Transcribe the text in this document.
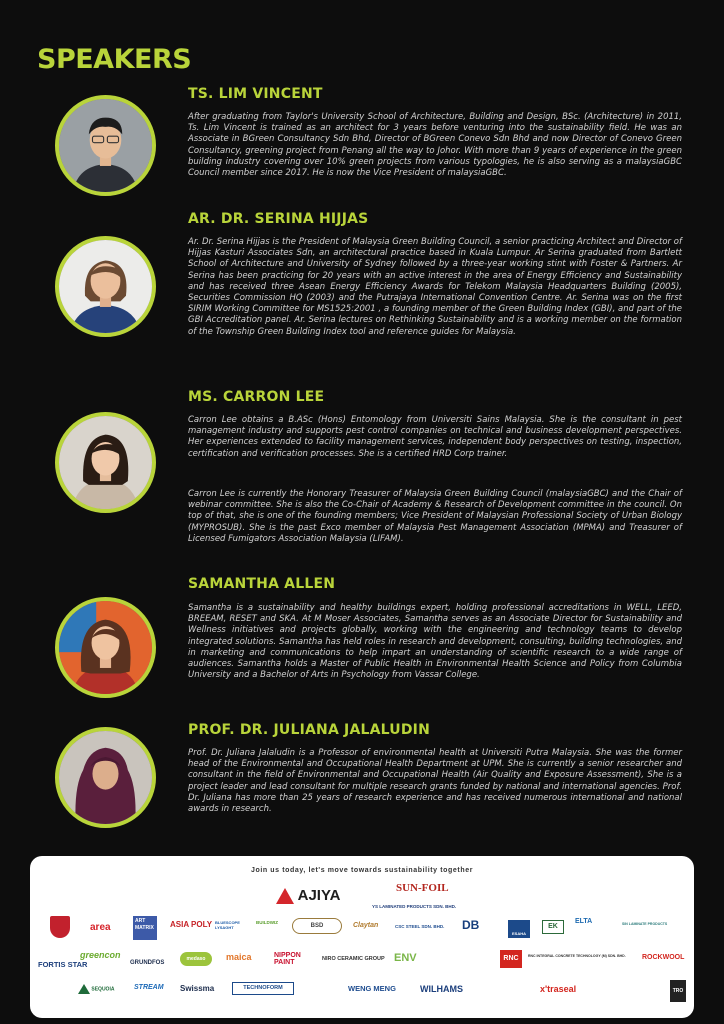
SPEAKERS
TS. LIM VINCENT
After graduating from Taylor's University School of Architecture, Building and Design, BSc. (Architecture) in 2011, Ts. Lim Vincent is trained as an architect for 3 years before venturing into the sustainability field. He was an Associate in BGreen Consultancy Sdn Bhd, Director of BGreen Conevo Sdn Bhd and now Director of Conevo Green Consultancy, greening project from Penang all the way to Johor. With more than 9 years of experience in the green building industry covering over 10% green projects from various typologies, he is also serving as a malaysiaGBC Council member since 2017. He is now the Vice President of malaysiaGBC.
AR. DR. SERINA HIJJAS
Ar. Dr. Serina Hijjas is the President of Malaysia Green Building Council, a senior practicing Architect and Director of Hijjas Kasturi Associates Sdn, an architectural practice based in Kuala Lumpur. Ar Serina graduated from Bartlett School of Architecture and University of Sydney followed by a three-year working stint with Foster & Partners. Ar Serina has been practicing for 20 years with an active interest in the area of Energy Efficiency and Sustainability and has received three Asean Energy Efficiency Awards for Telekom Malaysia Headquarters Building (2005), Securities Commission HQ (2003) and the Putrajaya International Convention Centre. Ar. Serina was on the first SIRIM Working Committee for MS1525:2001 , a founding member of the Green Building Index (GBI), and part of the GBI Accreditation panel. Ar. Serina lectures on Rethinking Sustainability and is a working member on the formation of the Township Green Building Index tool and reference guides for Malaysia.
MS. CARRON LEE
Carron Lee obtains a B.ASc (Hons) Entomology from Universiti Sains Malaysia. She is the consultant in pest management industry and supports pest control companies on technical and business development perspectives. Her experiences extended to facility management services, independent body perspectives on testing, inspection, certification and verification processes. She is a certified HRD Corp trainer.
Carron Lee is currently the Honorary Treasurer of Malaysia Green Building Council (malaysiaGBC) and the Chair of webinar committee. She is also the Co-Chair of Academy & Research of Development committee in the council. On top of that, she is one of the founding members; Vice President of Malaysian Professional Society of Urban Biology (MYPROSUB). She is the past Exco member of Malaysia Pest Management Association (MPMA) and Treasurer of Licensed Fumigators Association Malaysia (LIFAM).
SAMANTHA ALLEN
Samantha is a sustainability and healthy buildings expert, holding professional accreditations in WELL, LEED, BREEAM, RESET and SKA. At M Moser Associates, Samantha serves as an Associate Director for Sustainability and Wellness initiatives and projects globally, working with the engineering and technology teams to develop integrated solutions. Samantha has held roles in research and development, consulting, building technologies, and in marketing and communications to help impart an understanding of scientific research to a wide range of audiences. Samantha holds a Master of Public Health in Environmental Health Science and Policy from Columbia University and a Bachelor of Arts in Psychology from Vassar College.
PROF. DR. JULIANA JALALUDIN
Prof. Dr. Juliana Jalaludin is a Professor of environmental health at Universiti Putra Malaysia. She was the former head of the Environmental and Occupational Health Department at UPM. She is currently a senior researcher and consultant in the field of Environmental and Occupational Health (Air Quality and Exposure Assessment), She is a project leader and lead consultant for multiple research grants funded by national and international agencies. Prof. Dr. Juliana has more than 25 years of research experience and has received numerous international and national awards in research.
Join us today, let's move towards sustainability together
AJIYA	SUN-FOIL
YS LAMINATED PRODUCTS SDN. BHD.
area
ART MATRIX	ASIA POLY BLUESCOPE LYSAGHT
BUILDWIZ
BSD	Claytan	CSC STEEL SDN. BHD. DB
ESAHA
EK
ELTA	SIN LAMINATE PRODUCTS
FORTIS STAR
greencon
GRUNDFOS
medaso	maica	NIPPON PAINT	NIRO CERAMIC GROUP ENV	RNC	RNC INTEGRAL CONCRETE TECHNOLOGY (M) SDN. BHD.	ROCKWOOL
SEQUOIA	STREAM Swissma	TECHNOFORM	WENG MENG	WILHAMS	x'traseal	TRO
